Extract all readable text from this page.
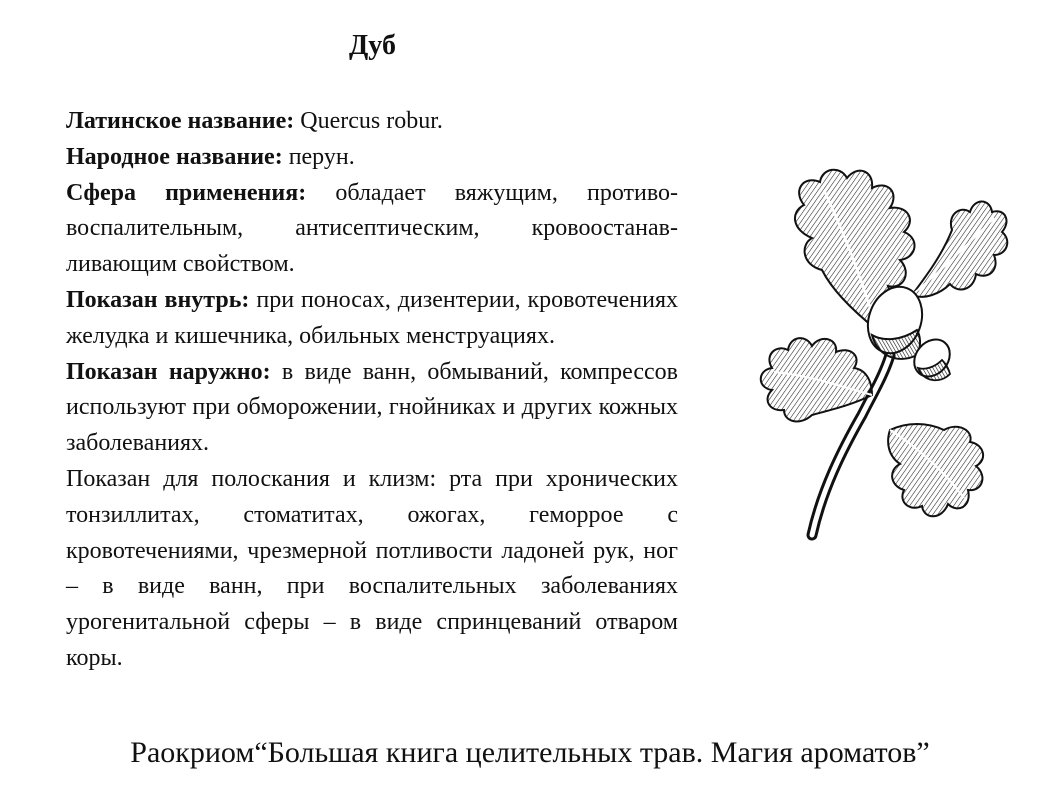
Дуб

Латинское название: Quercus robur.

Народное название: перун.

Сфера применения: обладает вяжущим, противовоспалительным, антисептическим, кровоостанавливающим свойством.

Показан внутрь: при поносах, дизентерии, кровотечениях желудка и кишечника, обильных менструациях.

Показан наружно: в виде ванн, обмываний, компрессов используют при обморожении, гнойниках и других кожных заболеваниях.

Показан для полоскания и клизм: рта при хронических тонзиллитах, стоматитах, ожогах, геморрое с кровотечениями, чрезмерной потливости ладоней рук, ног – в виде ванн, при воспалительных заболеваниях урогенитальной сферы – в виде спринцеваний отваром коры.

Раокриом“Большая книга целительных трав. Магия ароматов”
